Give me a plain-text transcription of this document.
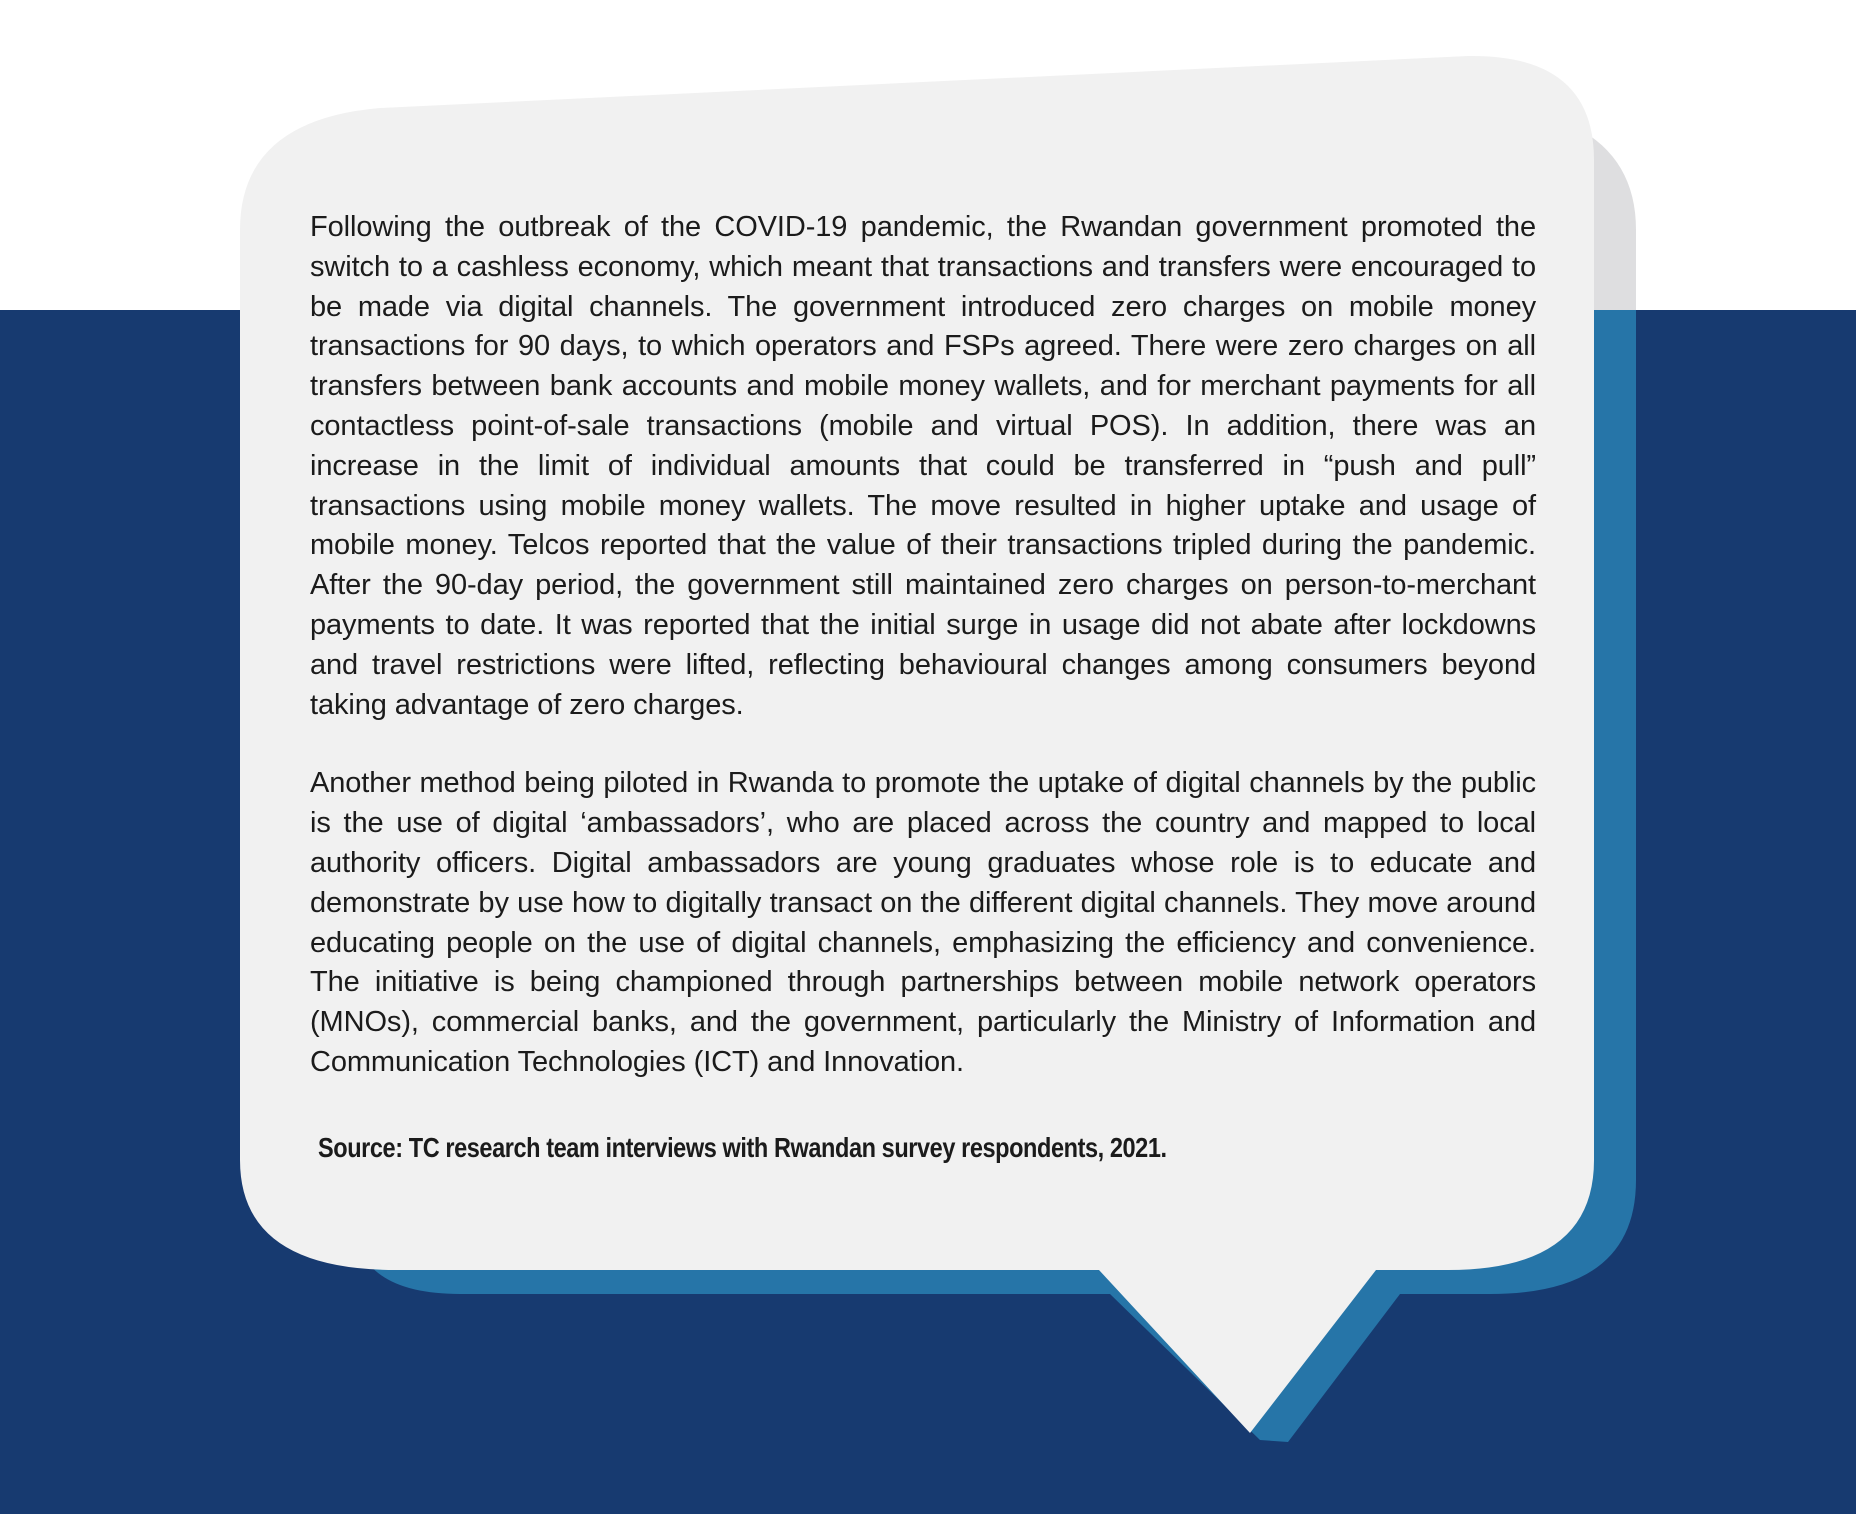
Following the outbreak of the COVID-19 pandemic, the Rwandan government promoted the switch to a cashless economy, which meant that transactions and transfers were encouraged to be made via digital channels. The government introduced zero charges on mobile money transactions for 90 days, to which operators and FSPs agreed. There were zero charges on all transfers between bank accounts and mobile money wallets, and for merchant payments for all contactless point-of-sale transactions (mobile and virtual POS). In addition, there was an increase in the limit of individual amounts that could be transferred in “push and pull” transactions using mobile money wallets. The move resulted in higher uptake and usage of mobile money. Telcos reported that the value of their transactions tripled during the pandemic. After the 90-day period, the government still maintained zero charges on person-to-merchant payments to date. It was reported that the initial surge in usage did not abate after lockdowns and travel restrictions were lifted, reflecting behavioural changes among consumers beyond taking advantage of zero charges.

Another method being piloted in Rwanda to promote the uptake of digital channels by the public is the use of digital ‘ambassadors’, who are placed across the country and mapped to local authority officers. Digital ambassadors are young graduates whose role is to educate and demonstrate by use how to digitally transact on the different digital channels. They move around educating people on the use of digital channels, emphasizing the efficiency and convenience. The initiative is being championed through partnerships between mobile network operators (MNOs), commercial banks, and the government, particularly the Ministry of Information and Communication Technologies (ICT) and Innovation.

Source: TC research team interviews with Rwandan survey respondents, 2021.
